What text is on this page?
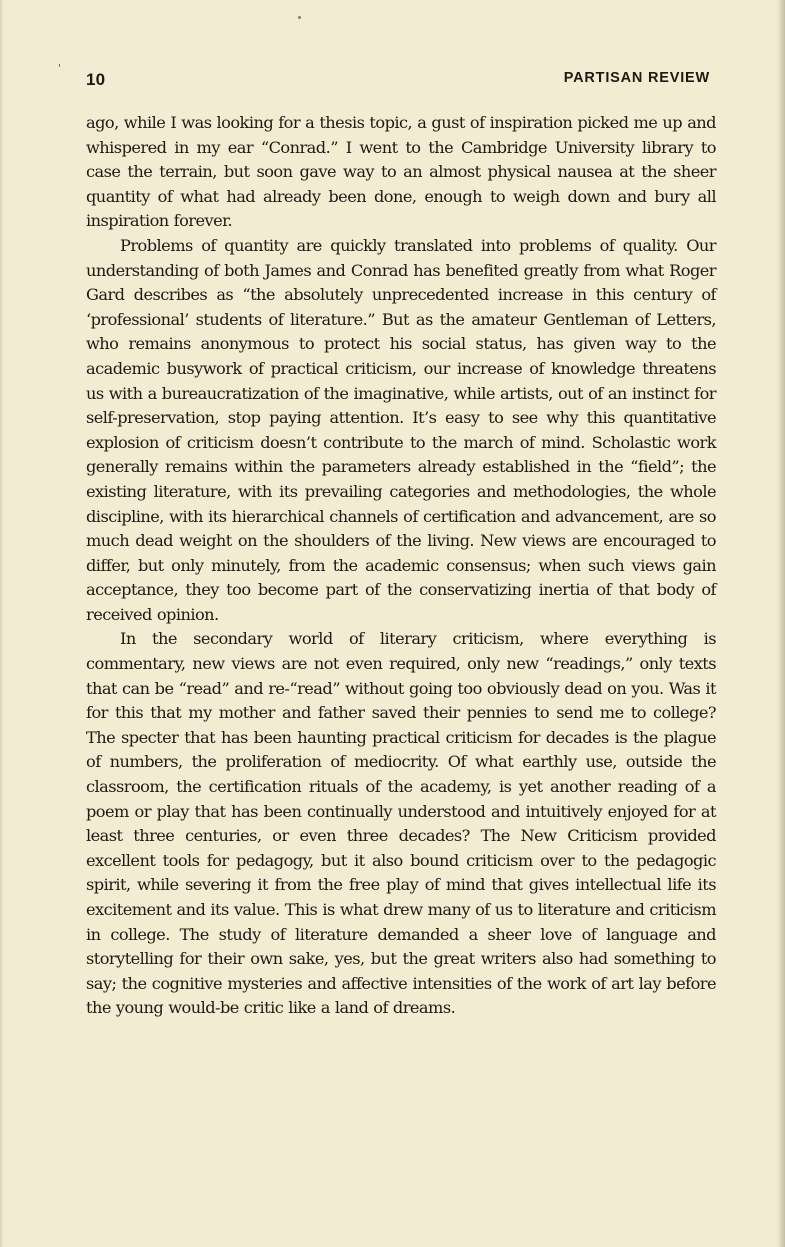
'
10	PARTISAN REVIEW

ago, while I was looking for a thesis topic, a gust of inspiration picked me up and whispered in my ear “Conrad.” I went to the Cambridge University library to case the terrain, but soon gave way to an almost physical nausea at the sheer quantity of what had already been done, enough to weigh down and bury all inspiration forever.

Problems of quantity are quickly translated into problems of quality. Our understanding of both James and Conrad has benefited greatly from what Roger Gard describes as “the absolutely unprecedented increase in this century of ‘professional’ students of literature.” But as the amateur Gentleman of Letters, who remains anonymous to protect his social status, has given way to the academic busywork of practical criticism, our increase of knowledge threatens us with a bureaucratization of the imaginative, while artists, out of an instinct for self-preservation, stop paying attention. It’s easy to see why this quantitative explosion of criticism doesn’t contribute to the march of mind. Scholastic work generally remains within the parameters already established in the “field”; the existing literature, with its prevailing categories and methodologies, the whole discipline, with its hierarchical channels of certification and advancement, are so much dead weight on the shoulders of the living. New views are encouraged to differ, but only minutely, from the academic consensus; when such views gain acceptance, they too become part of the conservatizing inertia of that body of received opinion.

In the secondary world of literary criticism, where everything is commentary, new views are not even required, only new “readings,” only texts that can be “read” and re-“read” without going too obviously dead on you. Was it for this that my mother and father saved their pennies to send me to college? The specter that has been haunting practical criticism for decades is the plague of numbers, the proliferation of mediocrity. Of what earthly use, outside the classroom, the certification rituals of the academy, is yet another reading of a poem or play that has been continually understood and intuitively enjoyed for at least three centuries, or even three decades? The New Criticism provided excellent tools for pedagogy, but it also bound criticism over to the pedagogic spirit, while severing it from the free play of mind that gives intellectual life its excitement and its value. This is what drew many of us to literature and criticism in college. The study of literature demanded a sheer love of language and storytelling for their own sake, yes, but the great writers also had something to say; the cognitive mysteries and affective intensities of the work of art lay before the young would-be critic like a land of dreams.
